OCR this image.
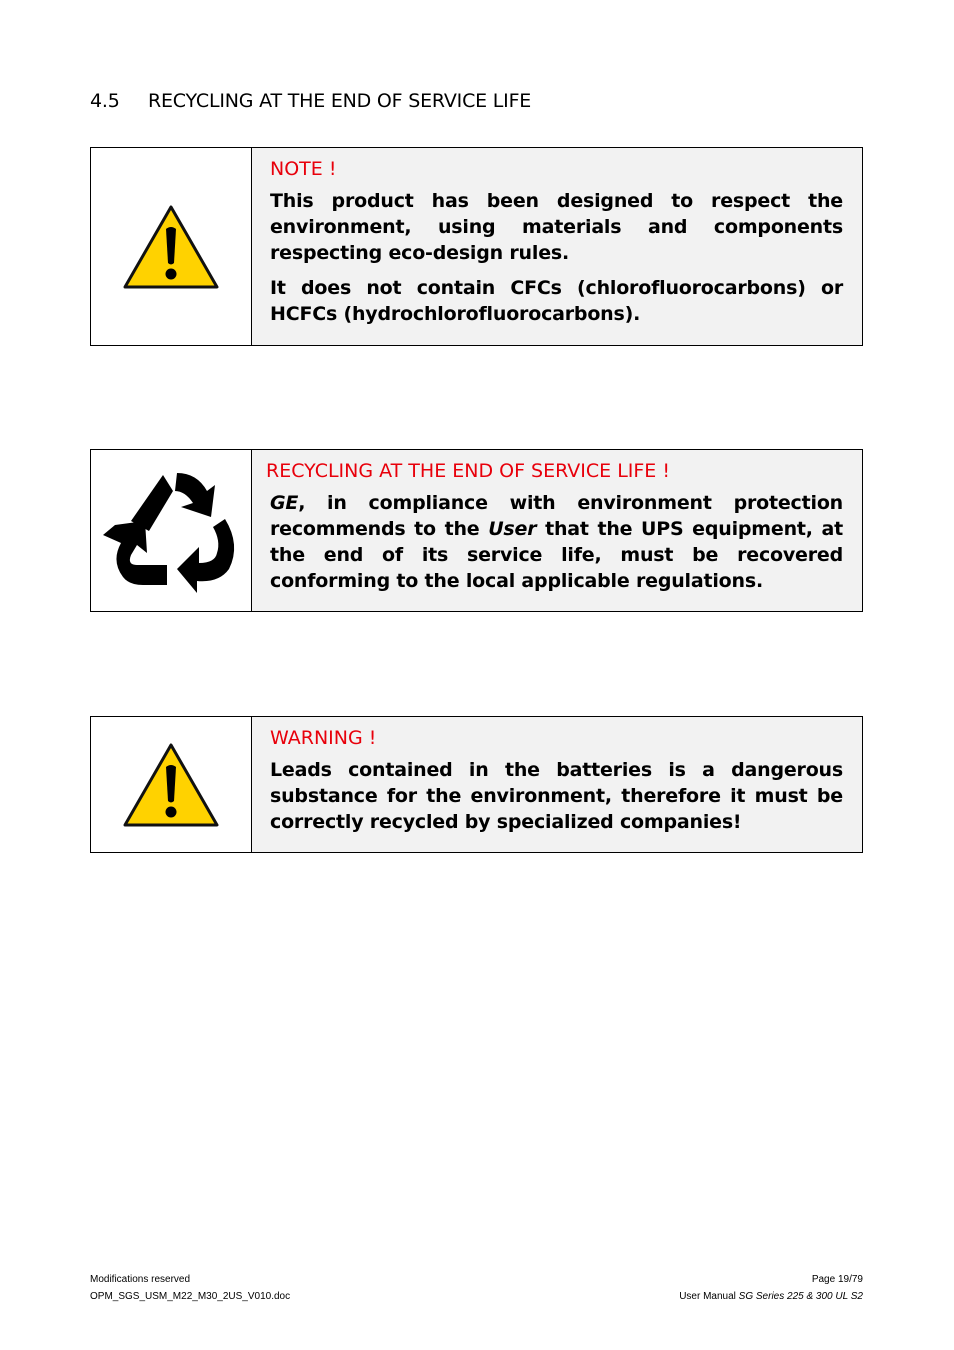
4.5 RECYCLING AT THE END OF SERVICE LIFE
NOTE !

This product has been designed to respect the environment, using materials and components respecting eco-design rules.

It does not contain CFCs (chlorofluorocarbons) or HCFCs (hydrochlorofluorocarbons).

RECYCLING AT THE END OF SERVICE LIFE !

GE, in compliance with environment protection recommends to the User that the UPS equipment, at the end of its service life, must be recovered conforming to the local applicable regulations.

WARNING !

Leads contained in the batteries is a dangerous substance for the environment, therefore it must be correctly recycled by specialized companies!

Modifications reserved	Page 19/79
OPM_SGS_USM_M22_M30_2US_V010.doc	User Manual SG Series 225 & 300 UL S2
